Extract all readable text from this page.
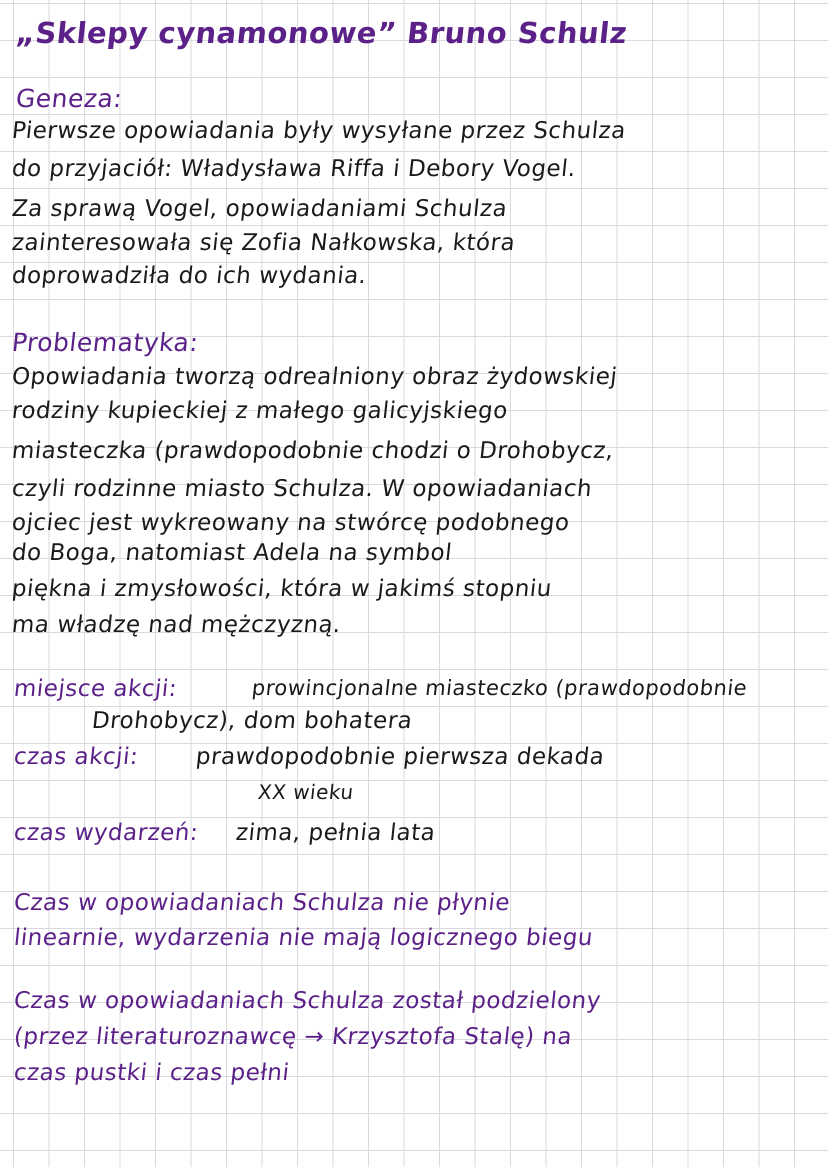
„Sklepy cynamonowe” Bruno Schulz
Geneza:
Pierwsze opowiadania były wysyłane przez Schulza
do przyjaciół: Władysława Riffa i Debory Vogel.
Za sprawą Vogel, opowiadaniami Schulza
zainteresowała się Zofia Nałkowska, która
doprowadziła do ich wydania.
Problematyka:
Opowiadania tworzą odrealniony obraz żydowskiej
rodziny kupieckiej z małego galicyjskiego
miasteczka (prawdopodobnie chodzi o Drohobycz,
czyli rodzinne miasto Schulza. W opowiadaniach
ojciec jest wykreowany na stwórcę podobnego
do Boga, natomiast Adela na symbol
piękna i zmysłowości, która w jakimś stopniu
ma władzę nad mężczyzną.
miejsce akcji:	prowincjonalne miasteczko (prawdopodobnie
Drohobycz), dom bohatera
czas akcji: prawdopodobnie pierwsza dekada
XX wieku
czas wydarzeń: zima, pełnia lata
Czas w opowiadaniach Schulza nie płynie
linearnie, wydarzenia nie mają logicznego biegu
Czas w opowiadaniach Schulza został podzielony
(przez literaturoznawcę → Krzysztofa Stalę) na
czas pustki i czas pełni
